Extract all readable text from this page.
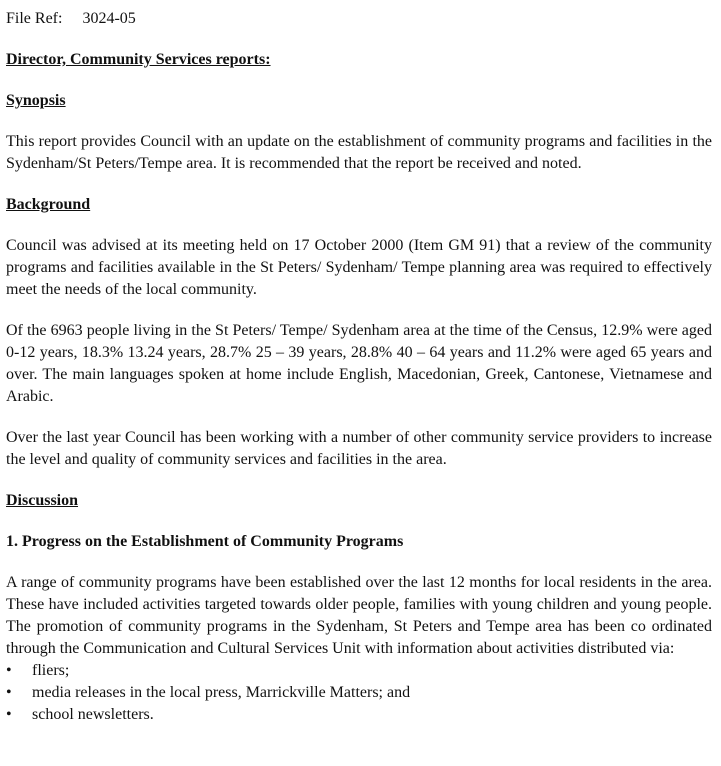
File Ref: 3024-05

Director, Community Services reports:

Synopsis

This report provides Council with an update on the establishment of community programs and facilities in the Sydenham/St Peters/Tempe area. It is recommended that the report be received and noted.

Background

Council was advised at its meeting held on 17 October 2000 (Item GM 91) that a review of the community programs and facilities available in the St Peters/ Sydenham/ Tempe planning area was required to effectively meet the needs of the local community.

Of the 6963 people living in the St Peters/ Tempe/ Sydenham area at the time of the Census, 12.9% were aged 0-12 years, 18.3% 13.24 years, 28.7% 25 – 39 years, 28.8% 40 – 64 years and 11.2% were aged 65 years and over. The main languages spoken at home include English, Macedonian, Greek, Cantonese, Vietnamese and Arabic.

Over the last year Council has been working with a number of other community service providers to increase the level and quality of community services and facilities in the area.

Discussion

1. Progress on the Establishment of Community Programs

A range of community programs have been established over the last 12 months for local residents in the area. These have included activities targeted towards older people, families with young children and young people. The promotion of community programs in the Sydenham, St Peters and Tempe area has been co ordinated through the Communication and Cultural Services Unit with information about activities distributed via:

• fliers;
• media releases in the local press, Marrickville Matters; and
• school newsletters.
